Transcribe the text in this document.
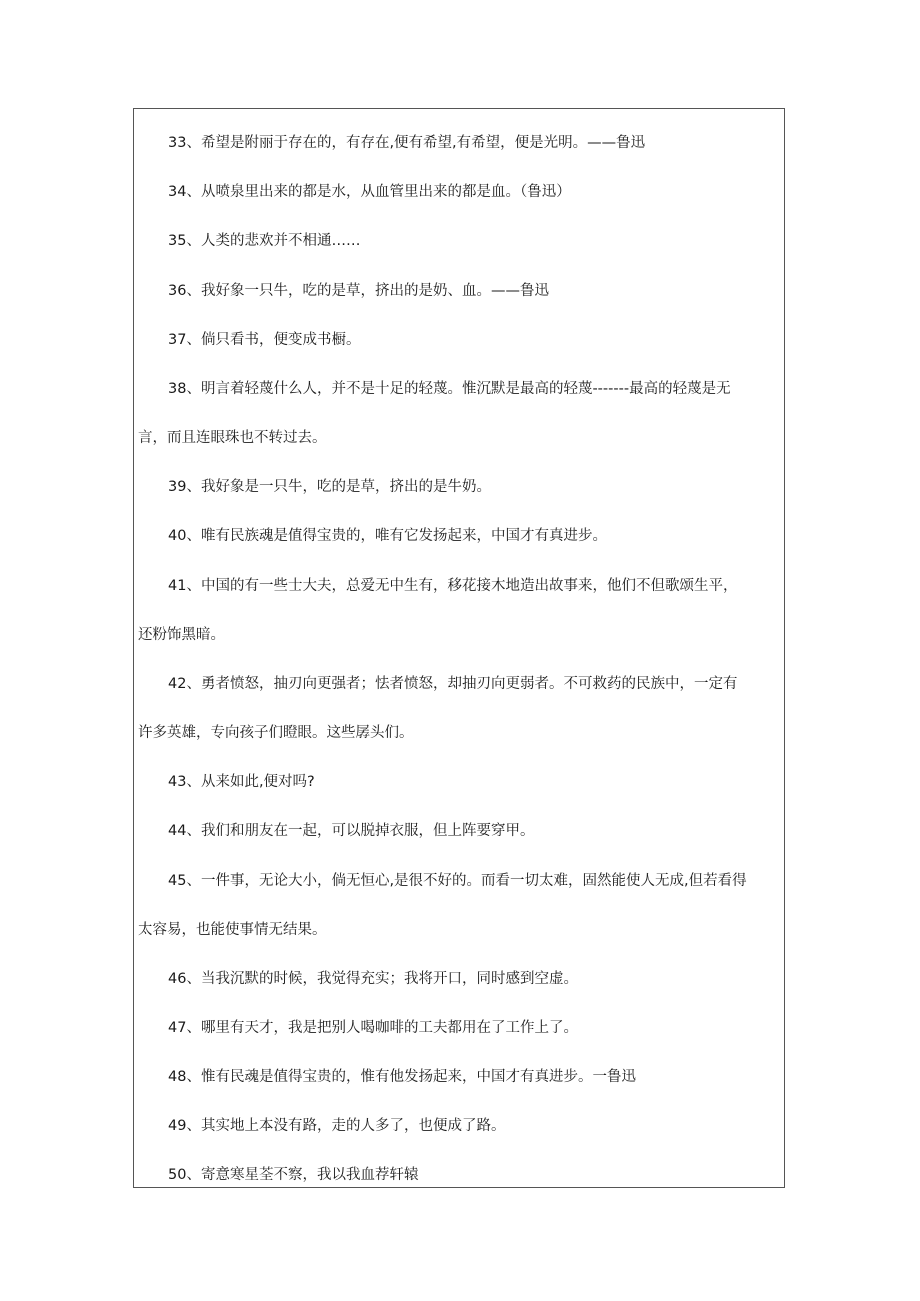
33、希望是附丽于存在的，有存在,便有希望,有希望，便是光明。——鲁迅
34、从喷泉里出来的都是水，从血管里出来的都是血。（鲁迅）
35、人类的悲欢并不相通……
36、我好象一只牛，吃的是草，挤出的是奶、血。——鲁迅
37、倘只看书，便变成书橱。
38、明言着轻蔑什么人，并不是十足的轻蔑。惟沉默是最高的轻蔑-------最高的轻蔑是无
言，而且连眼珠也不转过去。
39、我好象是一只牛，吃的是草，挤出的是牛奶。
40、唯有民族魂是值得宝贵的，唯有它发扬起来，中国才有真进步。
41、中国的有一些士大夫，总爱无中生有，移花接木地造出故事来，他们不但歌颂生平，
还粉饰黑暗。
42、勇者愤怒，抽刃向更强者；怯者愤怒，却抽刃向更弱者。不可救药的民族中，一定有
许多英雄，专向孩子们瞪眼。这些孱头们。
43、从来如此,便对吗?
44、我们和朋友在一起，可以脱掉衣服，但上阵要穿甲。
45、一件事，无论大小，倘无恒心,是很不好的。而看一切太难，固然能使人无成,但若看得
太容易，也能使事情无结果。
46、当我沉默的时候，我觉得充实；我将开口，同时感到空虚。
47、哪里有天才，我是把别人喝咖啡的工夫都用在了工作上了。
48、惟有民魂是值得宝贵的，惟有他发扬起来，中国才有真进步。一鲁迅
49、其实地上本没有路，走的人多了，也便成了路。
50、寄意寒星荃不察，我以我血荐轩辕
